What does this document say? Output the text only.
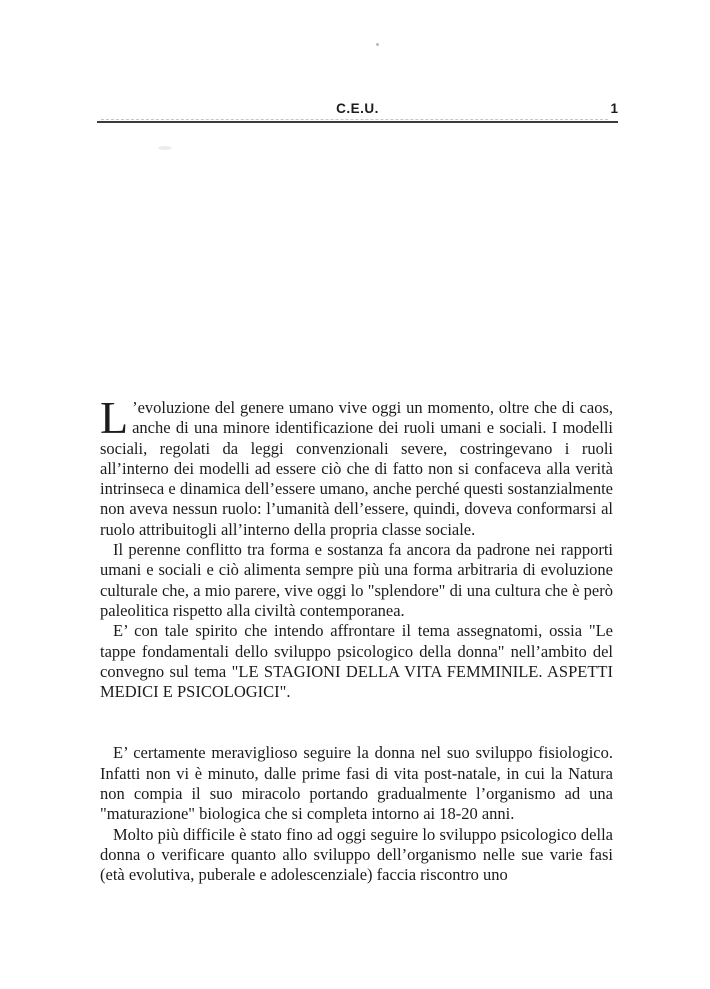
C.E.U.	1

L ’evoluzione del genere umano vive oggi un momento, oltre che di caos, anche di una minore identificazione dei ruoli umani e sociali. I modelli sociali, regolati da leggi convenzionali severe, costringevano i ruoli all’interno dei modelli ad essere ciò che di fatto non si confaceva alla verità intrinseca e dinamica dell’essere umano, anche perché questi sostanzialmente non aveva nessun ruolo: l’umanità dell’essere, quindi, doveva conformarsi al ruolo attribuitogli all’interno della propria classe sociale.

Il perenne conflitto tra forma e sostanza fa ancora da padrone nei rapporti umani e sociali e ciò alimenta sempre più una forma arbitraria di evoluzione culturale che, a mio parere, vive oggi lo "splendore" di una cultura che è però paleolitica rispetto alla civiltà contemporanea.

E’ con tale spirito che intendo affrontare il tema assegnatomi, ossia "Le tappe fondamentali dello sviluppo psicologico della donna" nell’ambito del convegno sul tema "LE STAGIONI DELLA VITA FEMMINILE. ASPETTI MEDICI E PSICOLOGICI".

E’ certamente meraviglioso seguire la donna nel suo sviluppo fisiologico. Infatti non vi è minuto, dalle prime fasi di vita post-natale, in cui la Natura non compia il suo miracolo portando gradualmente l’organismo ad una "maturazione" biologica che si completa intorno ai 18-20 anni.

Molto più difficile è stato fino ad oggi seguire lo sviluppo psicologico della donna o verificare quanto allo sviluppo dell’organismo nelle sue varie fasi (età evolutiva, puberale e adolescenziale) faccia riscontro uno
